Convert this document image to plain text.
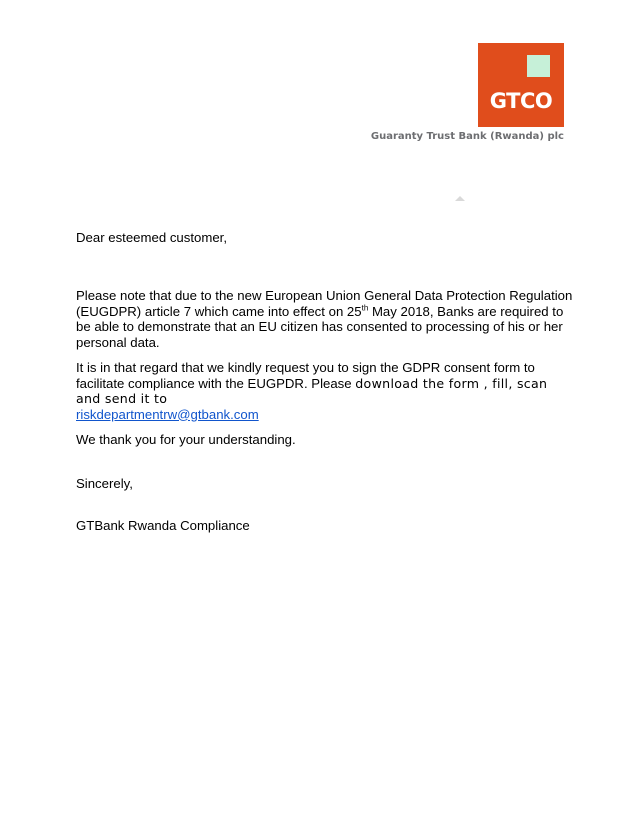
GTCO
Guaranty Trust Bank (Rwanda) plc
Dear esteemed customer,
Please note that due to the new European Union General Data Protection Regulation (EUGDPR) article 7 which came into effect on 25th May 2018, Banks are required to be able to demonstrate that an EU citizen has consented to processing of his or her personal data.
It is in that regard that we kindly request you to sign the GDPR consent form to facilitate compliance with the EUGPDR. Please download the form , fill, scan and send it to
riskdepartmentrw@gtbank.com
We thank you for your understanding.
Sincerely,
GTBank Rwanda Compliance
